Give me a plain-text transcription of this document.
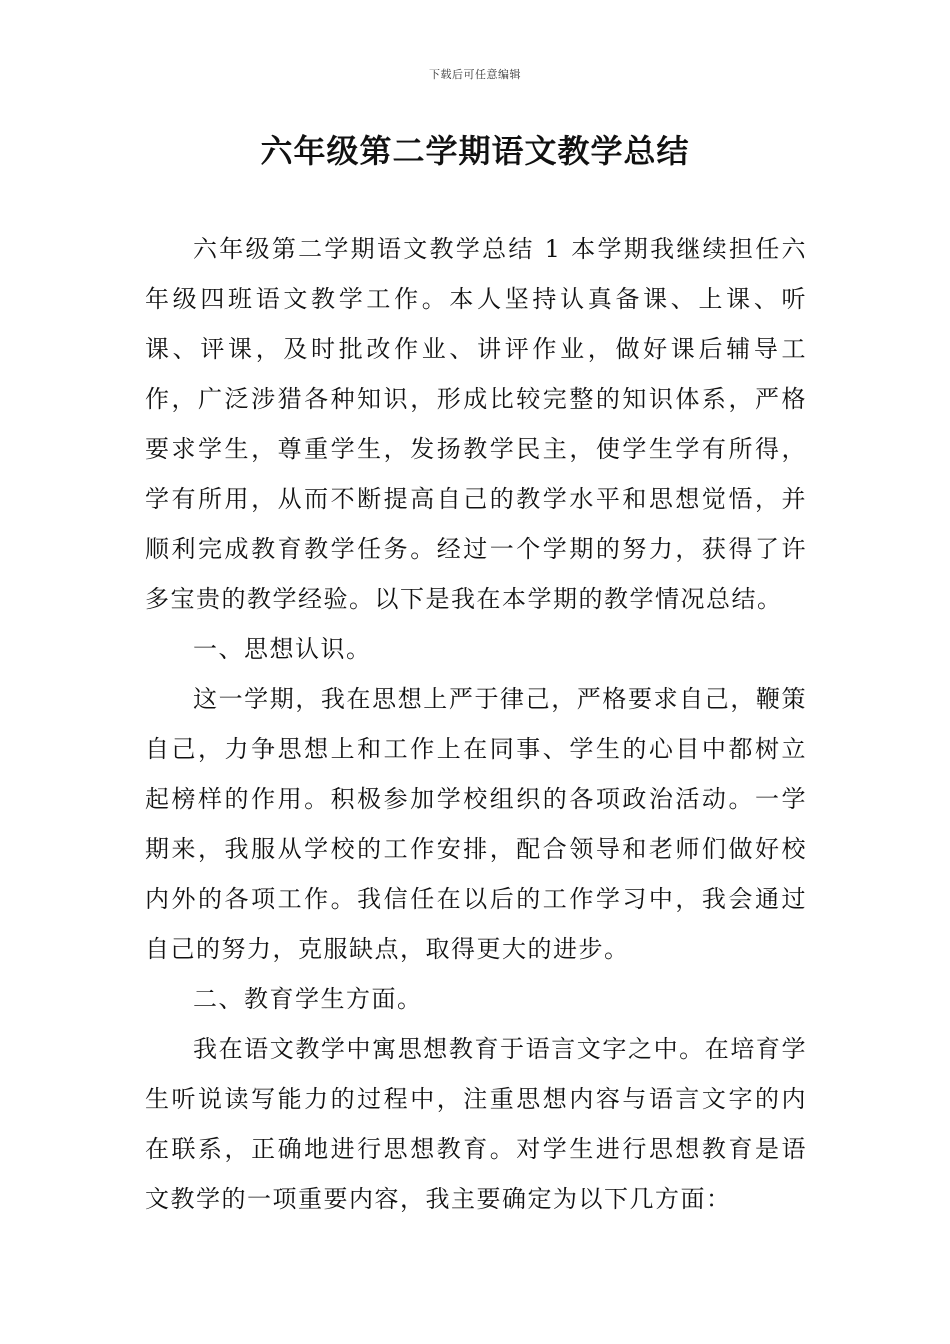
下载后可任意编辑
六年级第二学期语文教学总结

六年级第二学期语文教学总结 1 本学期我继续担任六年级四班语文教学工作。本人坚持认真备课、上课、听课、评课，及时批改作业、讲评作业，做好课后辅导工作，广泛涉猎各种知识，形成比较完整的知识体系，严格要求学生，尊重学生，发扬教学民主，使学生学有所得，学有所用，从而不断提高自己的教学水平和思想觉悟，并顺利完成教育教学任务。经过一个学期的努力，获得了许多宝贵的教学经验。以下是我在本学期的教学情况总结。

一、思想认识。

这一学期，我在思想上严于律己，严格要求自己，鞭策自己，力争思想上和工作上在同事、学生的心目中都树立起榜样的作用。积极参加学校组织的各项政治活动。一学期来，我服从学校的工作安排，配合领导和老师们做好校内外的各项工作。我信任在以后的工作学习中，我会通过自己的努力，克服缺点，取得更大的进步。

二、教育学生方面。

我在语文教学中寓思想教育于语言文字之中。在培育学生听说读写能力的过程中，注重思想内容与语言文字的内在联系，正确地进行思想教育。对学生进行思想教育是语文教学的一项重要内容，我主要确定为以下几方面：
